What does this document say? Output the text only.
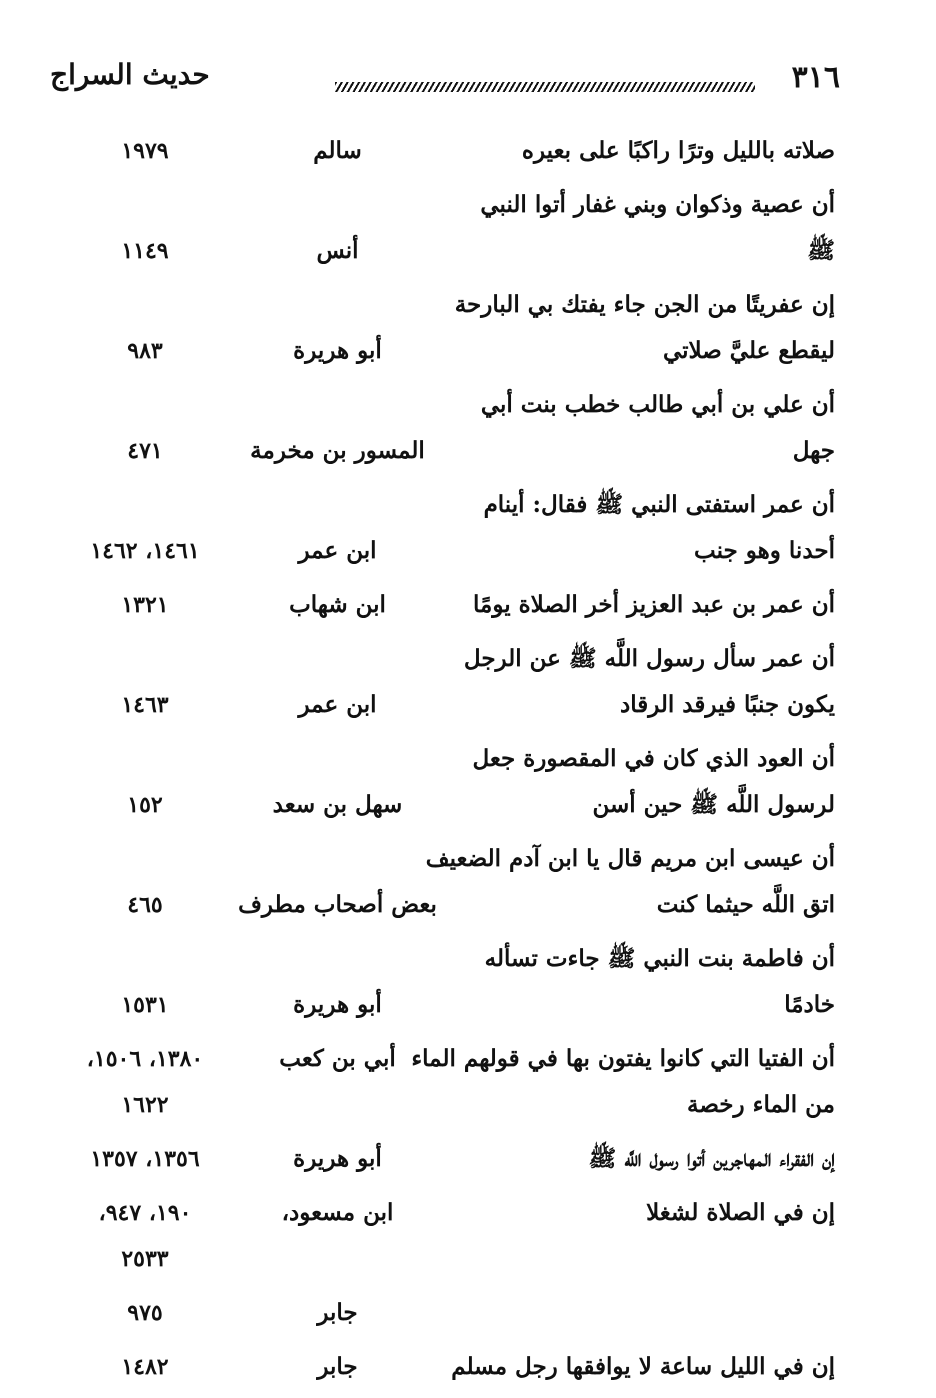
٣١٦
حديث السراج
صلاته بالليل وترًا راكبًا على بعيره
سالم
١٩٧٩
أن عصية وذكوان وبني غفار أتوا النبي
ﷺ
أنس
١١٤٩
إن عفريتًا من الجن جاء يفتك بي البارحة
ليقطع عليَّ صلاتي
أبو هريرة
٩٨٣
أن علي بن أبي طالب خطب بنت أبي
جهل
المسور بن مخرمة
٤٧١
أن عمر استفتى النبي ﷺ فقال: أينام
أحدنا وهو جنب
ابن عمر
١٤٦١، ١٤٦٢
أن عمر بن عبد العزيز أخر الصلاة يومًا
ابن شهاب
١٣٢١
أن عمر سأل رسول اللَّه ﷺ عن الرجل
يكون جنبًا فيرقد الرقاد
ابن عمر
١٤٦٣
أن العود الذي كان في المقصورة جعل
لرسول اللَّه ﷺ حين أسن
سهل بن سعد
١٥٢
أن عيسى ابن مريم قال يا ابن آدم الضعيف
اتق اللَّه حيثما كنت
بعض أصحاب مطرف
٤٦٥
أن فاطمة بنت النبي ﷺ جاءت تسأله
خادمًا
أبو هريرة
١٥٣١
أن الفتيا التي كانوا يفتون بها في قولهم الماء
من الماء رخصة
أبي بن كعب
١٣٨٠، ١٥٠٦،
١٦٢٢
إن الفقراء المهاجرين أتوا رسول اللَّه ﷺ
أبو هريرة
١٣٥٦، ١٣٥٧
إن في الصلاة لشغلا
ابن مسعود،
١٩٠، ٩٤٧،
٢٥٣٣
جابر
٩٧٥
إن في الليل ساعة لا يوافقها رجل مسلم
جابر
١٤٨٢
